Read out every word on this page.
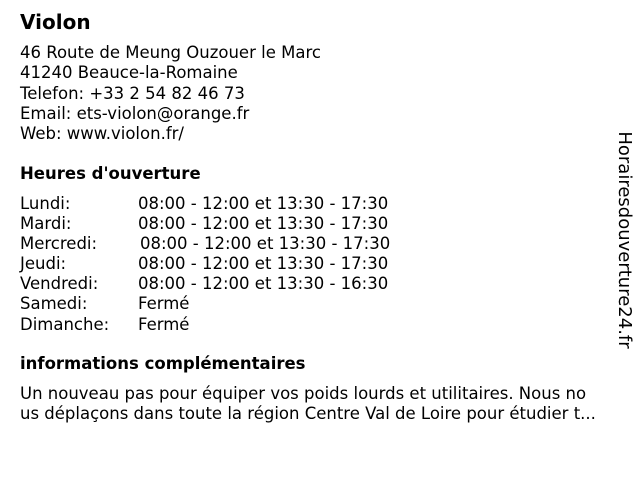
Violon
46 Route de Meung Ouzouer le Marc
41240 Beauce-la-Romaine
Telefon: +33 2 54 82 46 73
Email: ets-violon@orange.fr
Web: www.violon.fr/
Heures d'ouverture
Lundi:	08:00 - 12:00 et 13:30 - 17:30
Mardi:	08:00 - 12:00 et 13:30 - 17:30
Mercredi:	08:00 - 12:00 et 13:30 - 17:30
Jeudi:	08:00 - 12:00 et 13:30 - 17:30
Vendredi: 08:00 - 12:00 et 13:30 - 16:30
Samedi:	Fermé
Dimanche: Fermé
informations complémentaires
Un nouveau pas pour équiper vos poids lourds et utilitaires. Nous no
us déplaçons dans toute la région Centre Val de Loire pour étudier t...
Horairesdouverture24.fr
